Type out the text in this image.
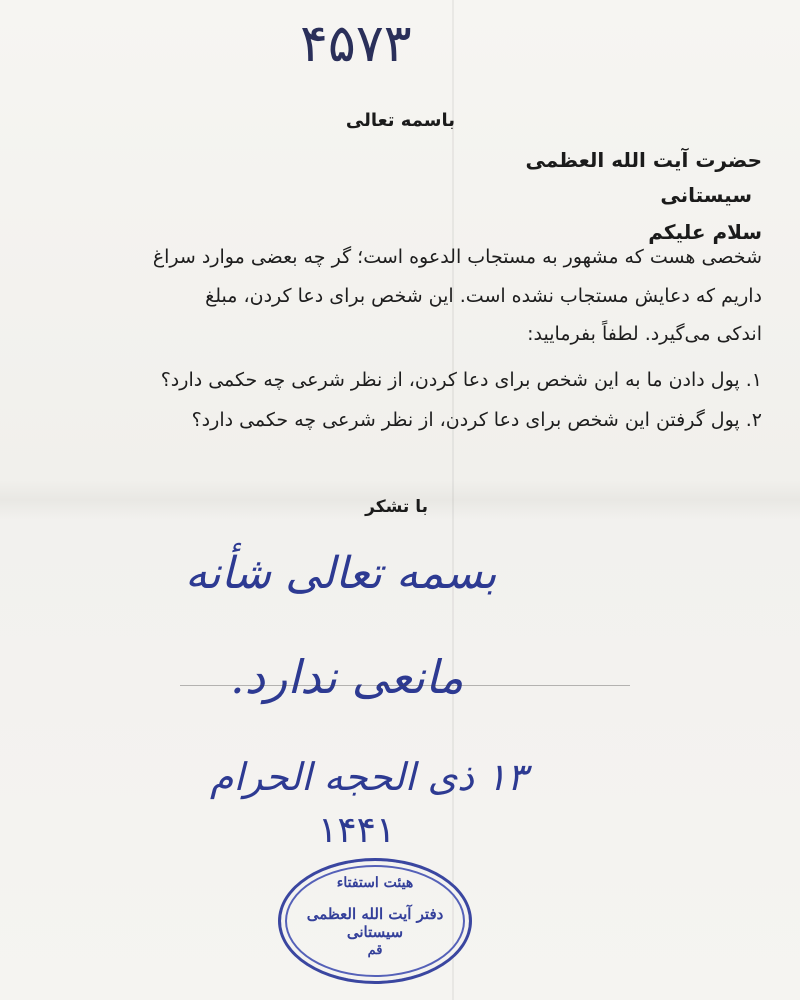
۴۵۷۳
باسمه تعالی
حضرت آیت الله العظمی
سیستانی
سلام علیکم
شخصی هست که مشهور به مستجاب الدعوه است؛ گر چه بعضی موارد سراغ
داریم که دعایش مستجاب نشده است. این شخص برای دعا کردن، مبلغ
اندکی می‌گیرد. لطفاً بفرمایید:
۱. پول دادن ما به این شخص برای دعا کردن، از نظر شرعی چه حکمی دارد؟
۲. پول گرفتن این شخص برای دعا کردن، از نظر شرعی چه حکمی دارد؟
با تشکر
بسمه تعالی شأنه
مانعی ندارد.
۱۳ ذی الحجه الحرام
۱۴۴۱
هیئت استفتاء
دفتر آیت الله العظمی سیستانی
قم
